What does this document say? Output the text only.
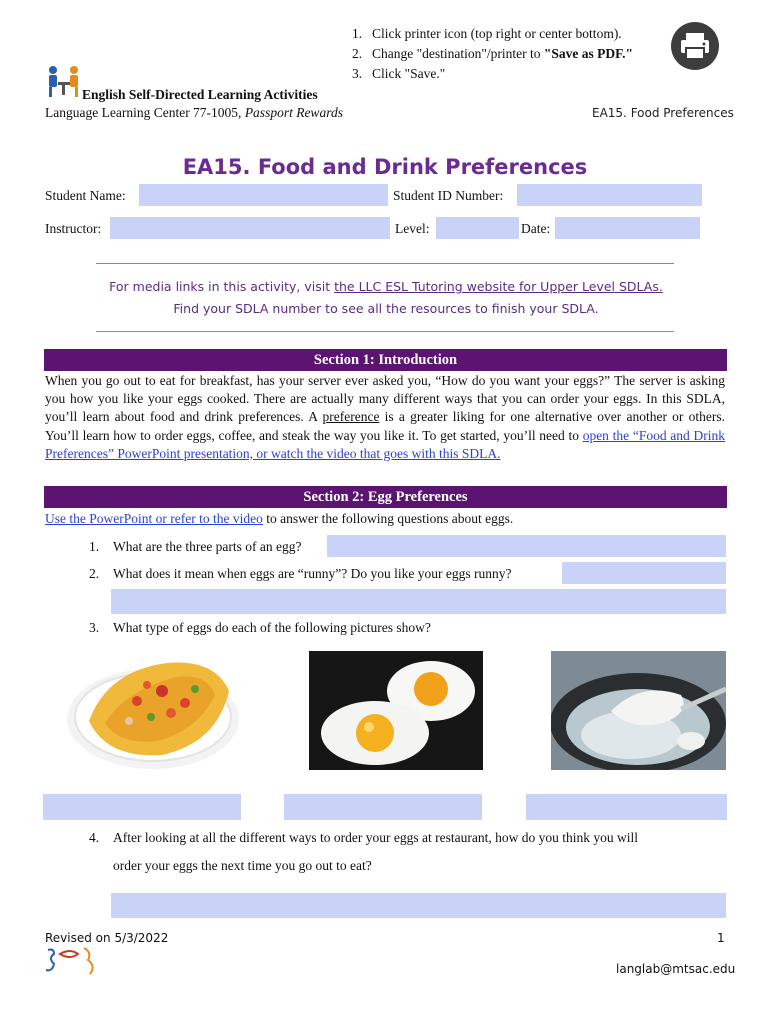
1. Click printer icon (top right or center bottom).
2. Change "destination"/printer to "Save as PDF."
3. Click "Save."
English Self-Directed Learning Activities
Language Learning Center 77-1005, Passport Rewards	EA15. Food Preferences
EA15. Food and Drink Preferences
Student Name:	Student ID Number:
Instructor:	Level:	Date:
For media links in this activity, visit the LLC ESL Tutoring website for Upper Level SDLAs. Find your SDLA number to see all the resources to finish your SDLA.
Section 1: Introduction
When you go out to eat for breakfast, has your server ever asked you, “How do you want your eggs?” The server is asking you how you like your eggs cooked. There are actually many different ways that you can order your eggs. In this SDLA, you’ll learn about food and drink preferences. A preference is a greater liking for one alternative over another or others. You’ll learn how to order eggs, coffee, and steak the way you like it. To get started, you’ll need to open the “Food and Drink Preferences” PowerPoint presentation, or watch the video that goes with this SDLA.
Section 2: Egg Preferences
Use the PowerPoint or refer to the video to answer the following questions about eggs.
1. What are the three parts of an egg?
2. What does it mean when eggs are “runny”? Do you like your eggs runny?
3. What type of eggs do each of the following pictures show?
4. After looking at all the different ways to order your eggs at restaurant, how do you think you will
order your eggs the next time you go out to eat?
Revised on 5/3/2022	1
langlab@mtsac.edu
